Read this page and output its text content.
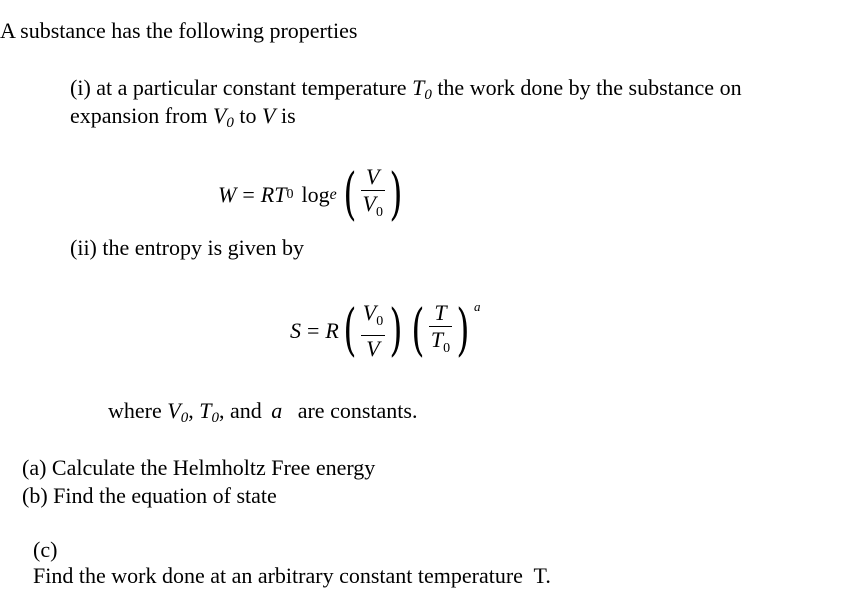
A substance has the following properties
(i) at a particular constant temperature $T_0$ the work done by the substance on
expansion from $V_0$ to V is
W = R T 0 log e ( $\frac{V}{V_0}$ )
(ii) the entropy is given by
S = R ( $\frac{V_0}{V}$ ) ( $\frac{T}{T_0}$ ) a
where $V_0$, $T_0$, and a are constants.
(a) Calculate the Helmholtz Free energy
(b) Find the equation of state

(c)
Find the work done at an arbitrary constant temperature  T.
